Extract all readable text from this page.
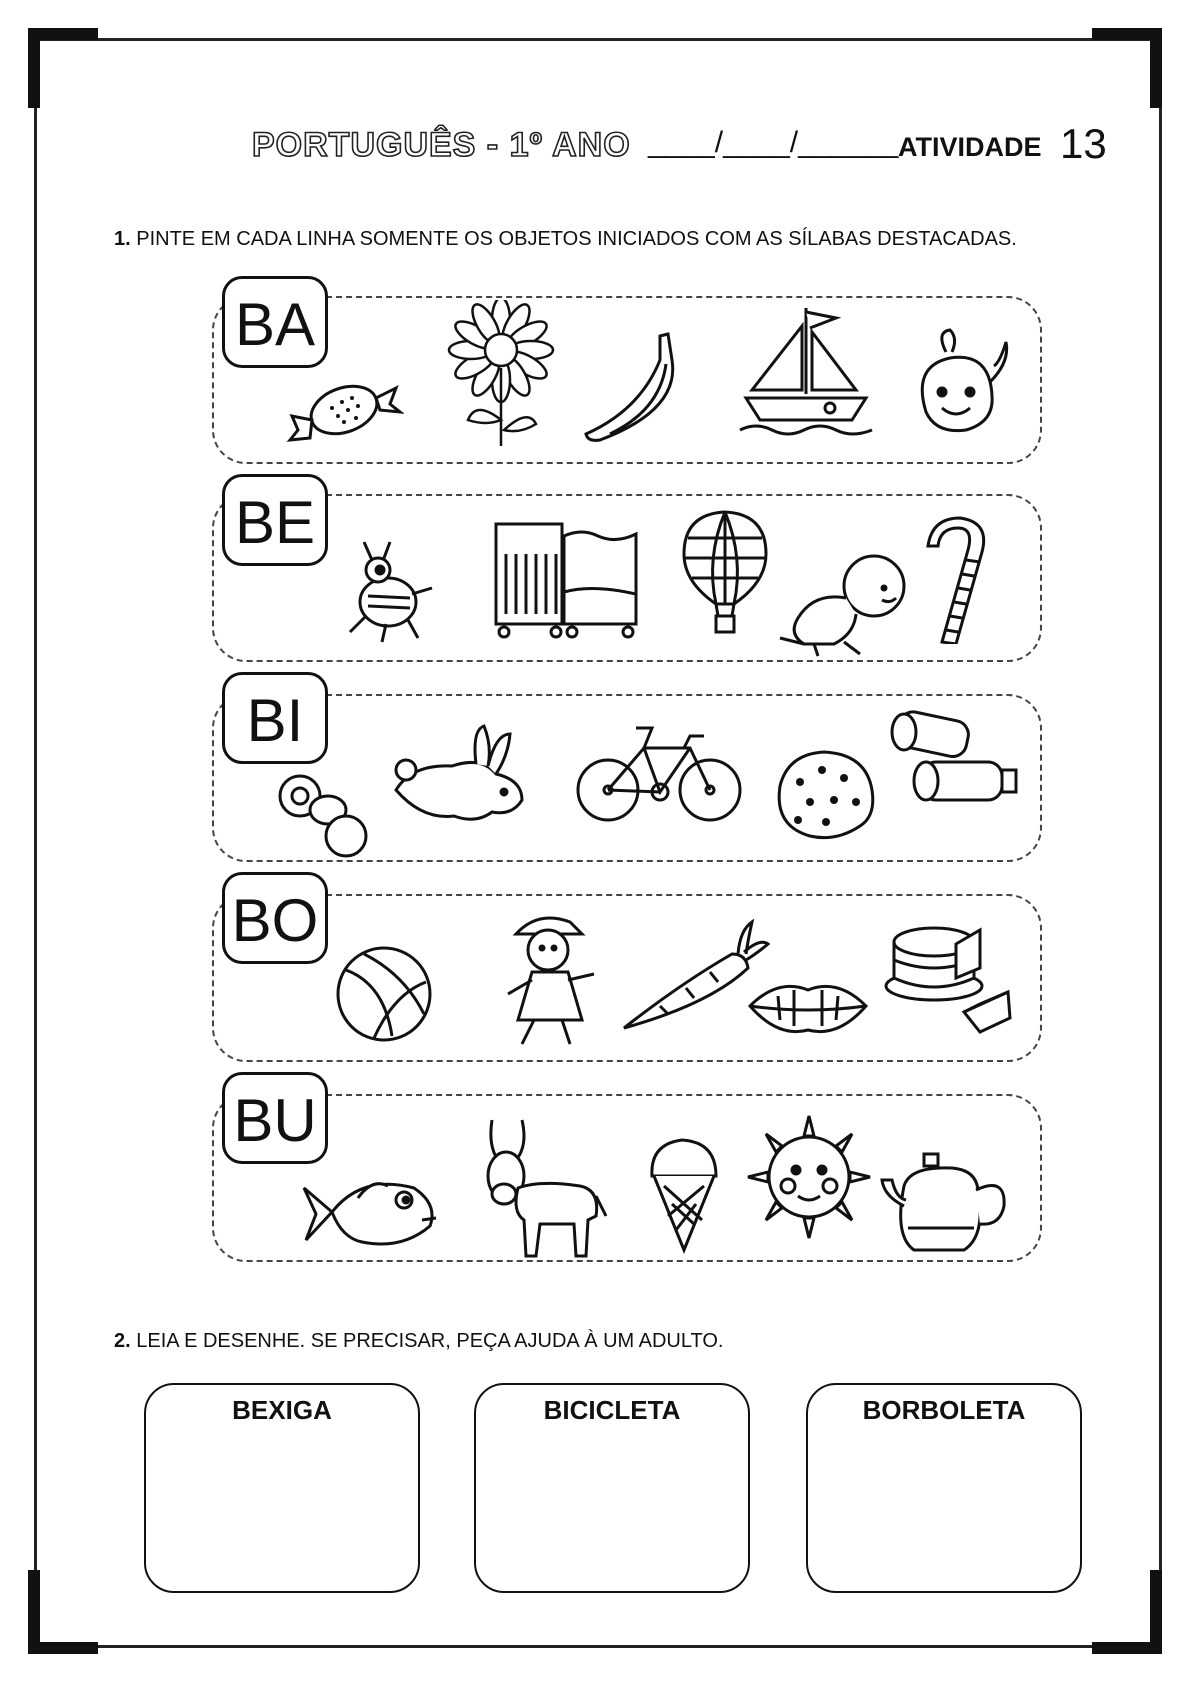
PORTUGUÊS - 1º ANO ____/____/______ ATIVIDADE 13
1. PINTE EM CADA LINHA SOMENTE OS OBJETOS INICIADOS COM AS SÍLABAS DESTACADAS.
BA
BE
BI
BO
BU
2. LEIA E DESENHE. SE PRECISAR, PEÇA AJUDA À UM ADULTO.
BEXIGA	BICICLETA	BORBOLETA
